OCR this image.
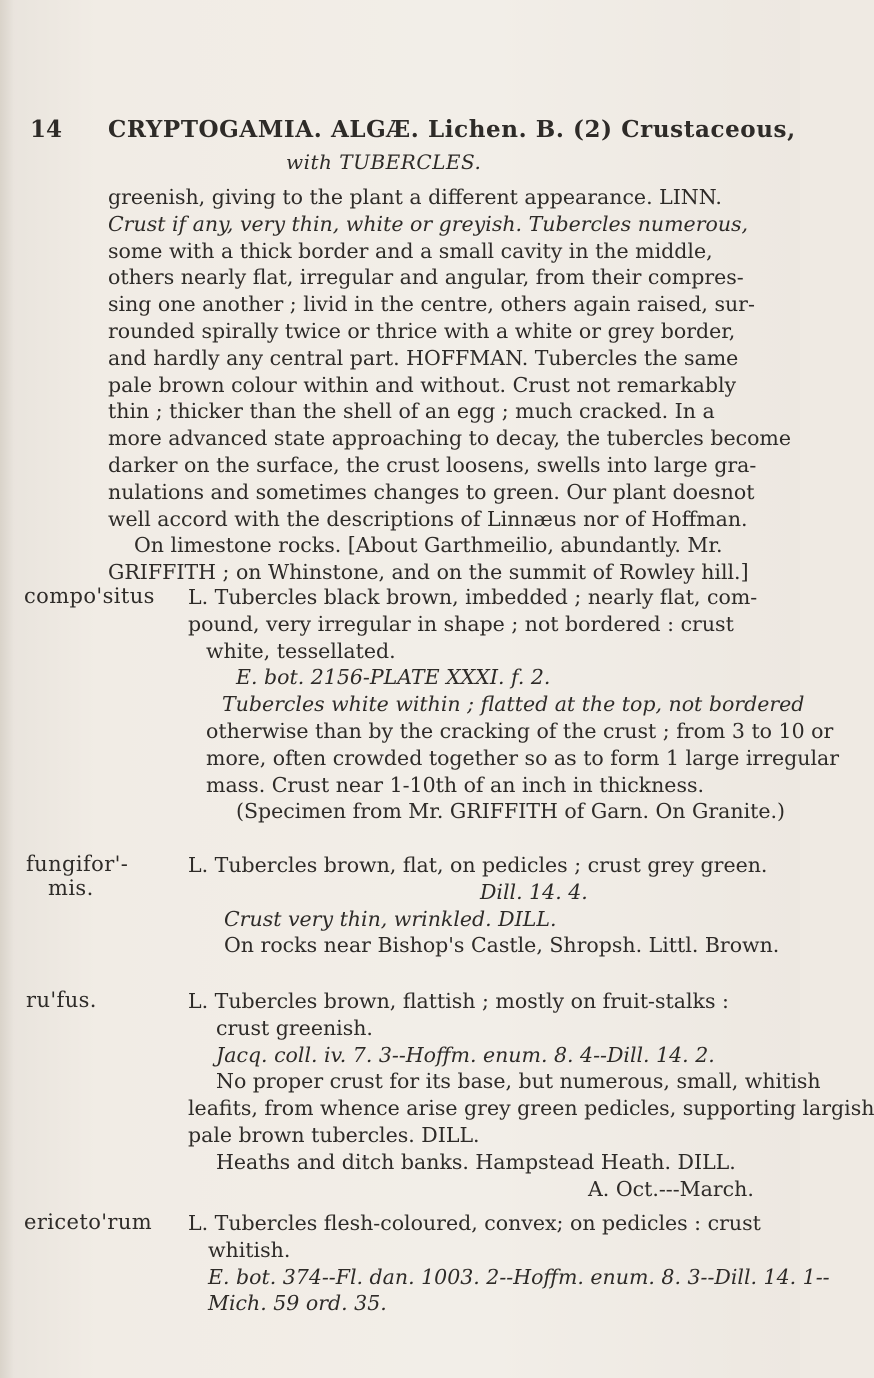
14 CRYPTOGAMIA. ALGÆ. Lichen. B. (2) Crustaceous,
with TUBERCLES.
greenish, giving to the plant a different appearance. LINN.
Crust if any, very thin, white or greyish. Tubercles numerous,
some with a thick border and a small cavity in the middle,
others nearly flat, irregular and angular, from their compres-
sing one another ; livid in the centre, others again raised, sur-
rounded spirally twice or thrice with a white or grey border,
and hardly any central part. HOFFMAN. Tubercles the same
pale brown colour within and without. Crust not remarkably
thin ; thicker than the shell of an egg ; much cracked. In a
more advanced state approaching to decay, the tubercles become
darker on the surface, the crust loosens, swells into large gra-
nulations and sometimes changes to green. Our plant doesnot
well accord with the descriptions of Linnæus nor of Hoffman.
On limestone rocks. [About Garthmeilio, abundantly. Mr.
GRIFFITH ; on Whinstone, and on the summit of Rowley hill.]
compo'situs L. Tubercles black brown, imbedded ; nearly flat, com-
pound, very irregular in shape ; not bordered : crust
white, tessellated.
E. bot. 2156-PLATE XXXI. f. 2.
Tubercles white within ; flatted at the top, not bordered
otherwise than by the cracking of the crust ; from 3 to 10 or
more, often crowded together so as to form 1 large irregular
mass. Crust near 1-10th of an inch in thickness.
(Specimen from Mr. GRIFFITH of Garn. On Granite.)
fungifor'-
mis.
L. Tubercles brown, flat, on pedicles ; crust grey green.
Dill. 14. 4.
Crust very thin, wrinkled. DILL.
On rocks near Bishop's Castle, Shropsh. Littl. Brown.
ru'fus.	L. Tubercles brown, flattish ; mostly on fruit-stalks :
crust greenish.
Jacq. coll. iv. 7. 3--Hoffm. enum. 8. 4--Dill. 14. 2.
No proper crust for its base, but numerous, small, whitish
leafits, from whence arise grey green pedicles, supporting largish
pale brown tubercles. DILL.
Heaths and ditch banks. Hampstead Heath. DILL.
A. Oct.---March.
ericeto'rum L. Tubercles flesh-coloured, convex; on pedicles : crust
whitish.
E. bot. 374--Fl. dan. 1003. 2--Hoffm. enum. 8. 3--Dill. 14. 1--
Mich. 59 ord. 35.
